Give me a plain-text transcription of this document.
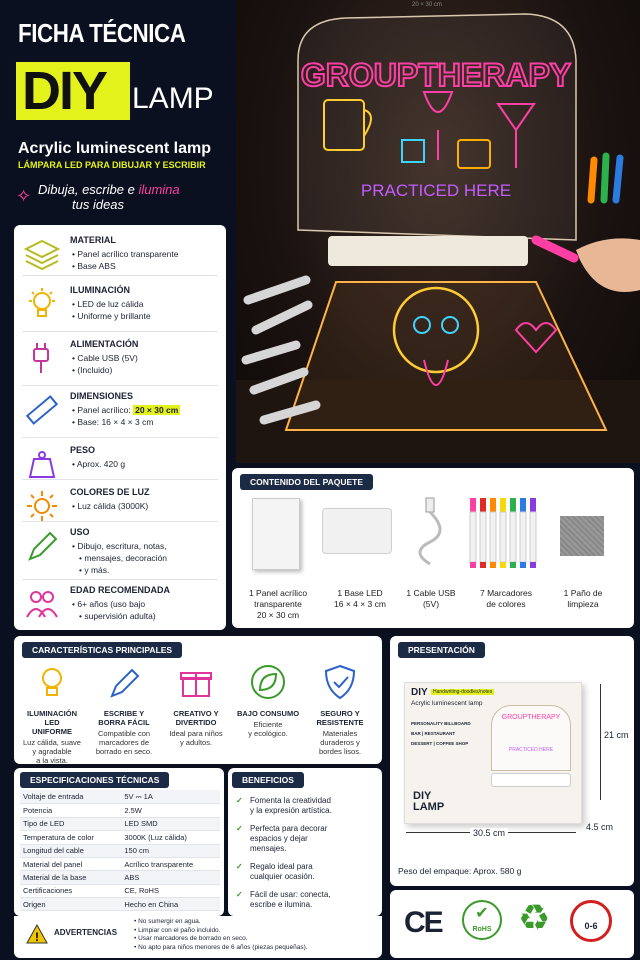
FICHA TÉCNICA
DIY LAMP
Acrylic luminescent lamp
LÁMPARA LED PARA DIBUJAR Y ESCRIBIR
✧ Dibuja, escribe e ilumina
tus ideas
20 × 30 cm
GROUPTHERAPY
PRACTICED HERE
MATERIAL
• Panel acrílico transparente
• Base ABS
ILUMINACIÓN
• LED de luz cálida
• Uniforme y brillante
ALIMENTACIÓN
• Cable USB (5V)
• (Incluido)
DIMENSIONES
• Panel acrílico: 20 × 30 cm
• Base: 16 × 4 × 3 cm
PESO
• Aprox. 420 g
COLORES DE LUZ
• Luz cálida (3000K)
USO
• Dibujo, escritura, notas,
• mensajes, decoración
• y más.
EDAD RECOMENDADA
• 6+ años (uso bajo
• supervisión adulta)
CONTENIDO DEL PAQUETE
1 Panel acrílico
transparente
20 × 30 cm
1 Base LED
16 × 4 × 3 cm
1 Cable USB
(5V)
7 Marcadores
de colores
1 Paño de
limpieza
CARACTERÍSTICAS PRINCIPALES
ILUMINACIÓN LED
UNIFORME
Luz cálida, suave
y agradable
a la vista.
ESCRIBE Y
BORRA FÁCIL
Compatible con
marcadores de
borrado en seco.
CREATIVO Y
DIVERTIDO
Ideal para niños
y adultos.
BAJO CONSUMO
Eficiente
y ecológico.
SEGURO Y
RESISTENTE
Materiales
duraderos y
bordes lisos.
PRESENTACIÓN
DIY	Handwriting-doodles/notes
Acrylic luminescent lamp
PERSONALITY BILLBOARD
BAR | RESTAURANT
DESSERT | COFFEE SHOP
GROUPTHERAPY
PRACTICED HERE
DIY
LAMP
21 cm
30.5 cm
4.5 cm
Peso del empaque: Aprox. 580 g
ESPECIFICACIONES TÉCNICAS
Voltaje de entrada	5V ⎓ 1A
Potencia	2.5W
Tipo de LED	LED SMD
Temperatura de color	3000K (Luz cálida)
Longitud del cable	150 cm
Material del panel	Acrílico transparente
Material de la base	ABS
Certificaciones	CE, RoHS
Origen	Hecho en China
BENEFICIOS
✓ Fomenta la creatividad
y la expresión artística.
✓ Perfecta para decorar
espacios y dejar
mensajes.
✓ Regalo ideal para
cualquier ocasión.
✓ Fácil de usar: conecta,
escribe e ilumina.
! ADVERTENCIAS
• No sumergir en agua.
• Limpiar con el paño incluido.
• Usar marcadores de borrado en seco.
• No apto para niños menores de 6 años (piezas pequeñas).
CE	✔
RoHS ♻	0-6
